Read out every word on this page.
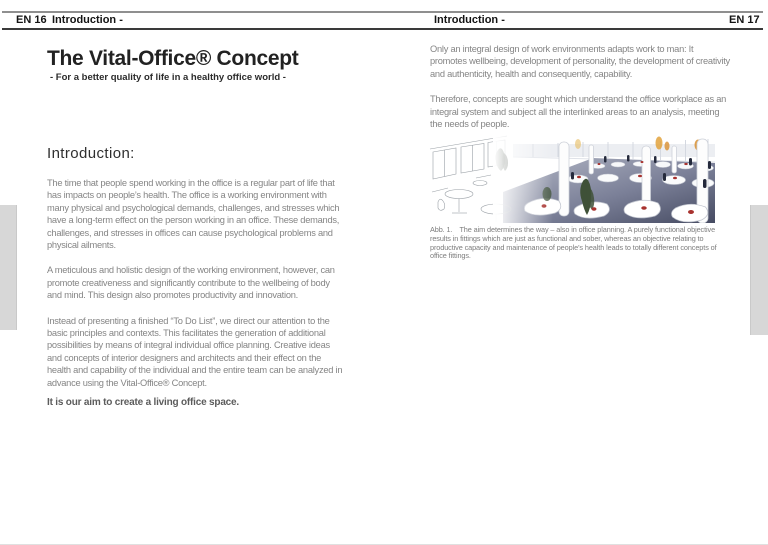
EN 16 Introduction -	Introduction -	EN 17
The Vital-Office® Concept
- For a better quality of life in a healthy office world -
Introduction:

The time that people spend working in the office is a regular part of life that has impacts on people’s health. The office is a working environment with many physical and psychological demands, challenges, and stresses which have a long-term effect on the person working in an office. These demands, challenges, and stresses in offices can cause psychological problems and physical ailments.

A meticulous and holistic design of the working environment, however, can promote creativeness and significantly contribute to the wellbeing of body and mind. This design also promotes productivity and innovation.

Instead of presenting a finished “To Do List”, we direct our attention to the basic principles and contexts. This facilitates the generation of additional possibilities by means of integral individual office planning. Creative ideas and concepts of interior designers and architects and their effect on the health and capability of the individual and the entire team can be analyzed in advance using the Vital-Office® Concept.

It is our aim to create a living office space.

Only an integral design of work environments adapts work to man: It promotes wellbeing, development of personality, the development of creativity and authenticity, health and consequently, capability.

Therefore, concepts are sought which understand the office workplace as an integral system and subject all the interlinked areas to an analysis, meeting the needs of people.

Abb. 1. The aim determines the way – also in office planning. A purely functional objective results in fittings which are just as functional and sober, whereas an objective relating to productive capacity and maintenance of people’s health leads to totally different concepts of office fittings.
